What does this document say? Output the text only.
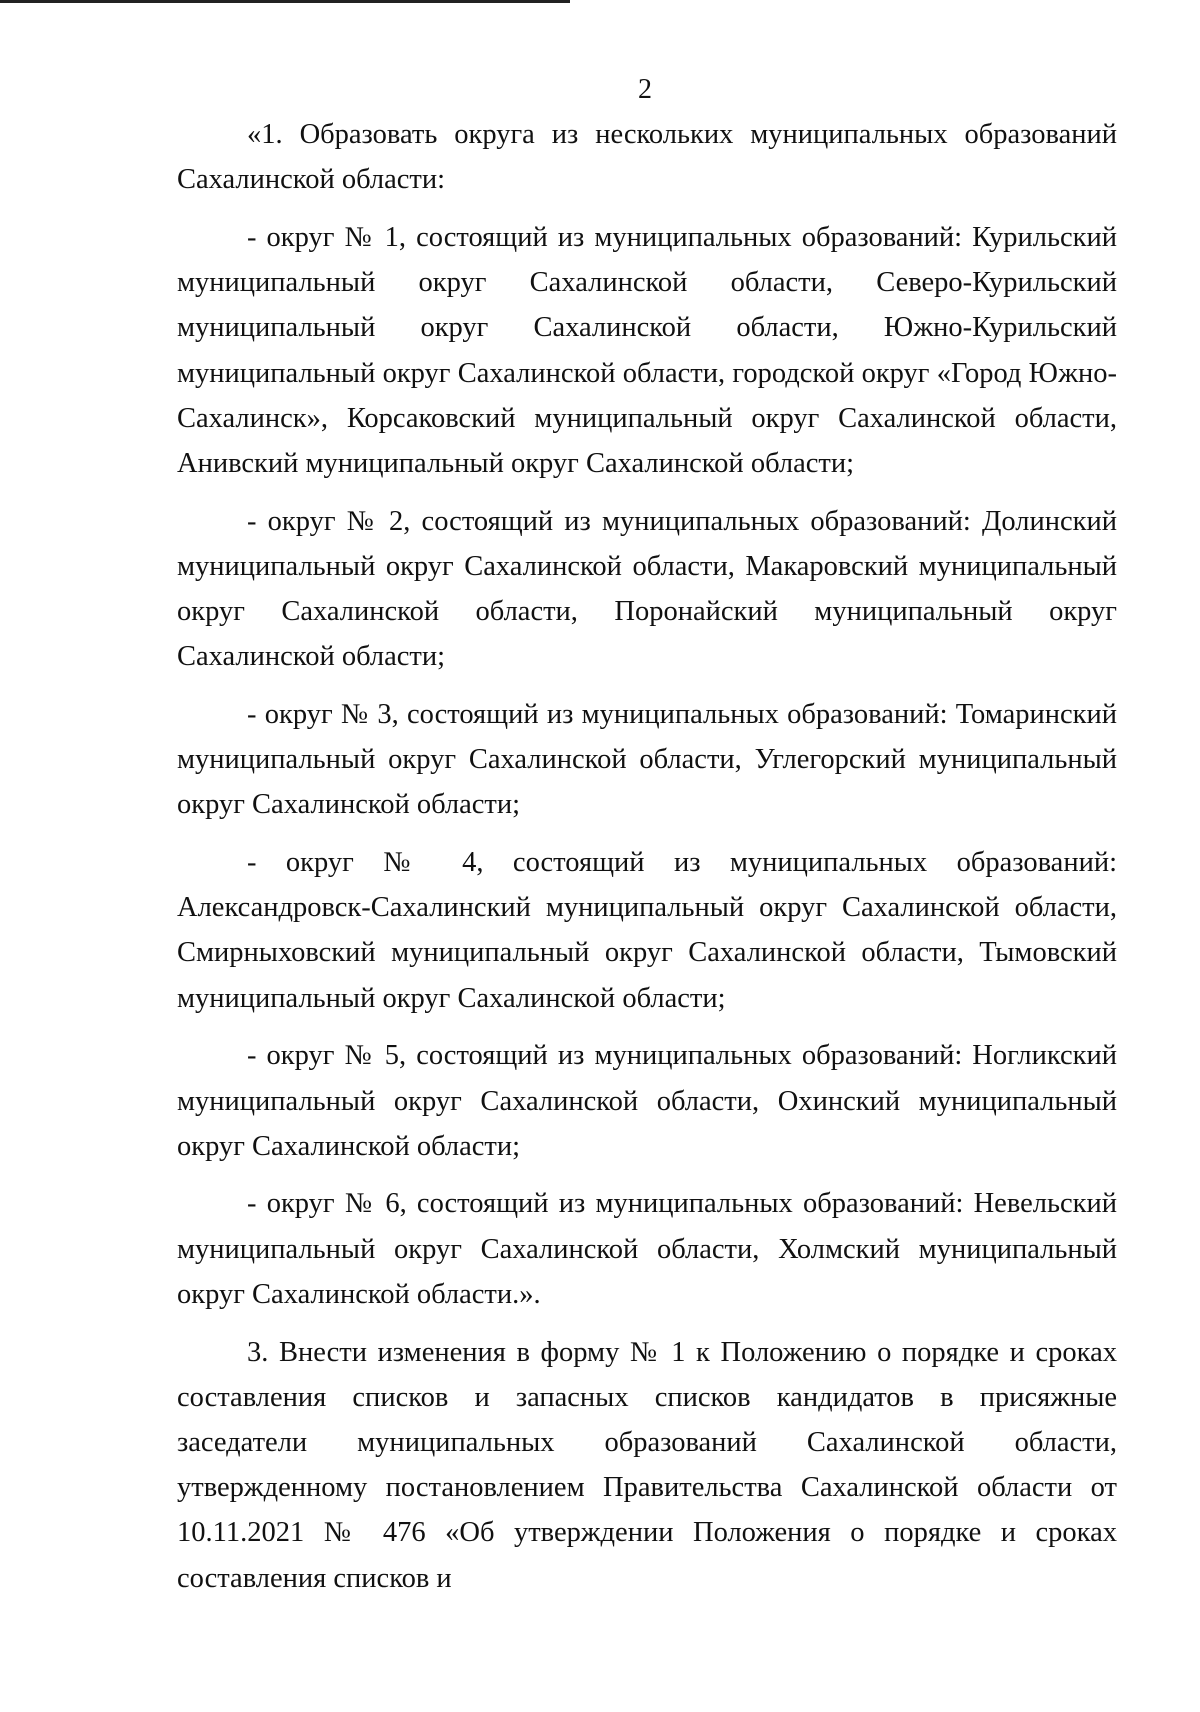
2

«1. Образовать округа из нескольких муниципальных образований Сахалинской области:

- округ № 1, состоящий из муниципальных образований: Курильский муниципальный округ Сахалинской области, Северо-Курильский муниципальный округ Сахалинской области, Южно-Курильский муниципальный округ Сахалинской области, городской округ «Город Южно-Сахалинск», Корсаковский муниципальный округ Сахалинской области, Анивский муниципальный округ Сахалинской области;

- округ № 2, состоящий из муниципальных образований: Долинский муниципальный округ Сахалинской области, Макаровский муниципальный округ Сахалинской области, Поронайский муниципальный округ Сахалинской области;

- округ № 3, состоящий из муниципальных образований: Томаринский муниципальный округ Сахалинской области, Углегорский муниципальный округ Сахалинской области;

- округ № 4, состоящий из муниципальных образований: Александровск-Сахалинский муниципальный округ Сахалинской области, Смирныховский муниципальный округ Сахалинской области, Тымовский муниципальный округ Сахалинской области;

- округ № 5, состоящий из муниципальных образований: Ногликский муниципальный округ Сахалинской области, Охинский муниципальный округ Сахалинской области;

- округ № 6, состоящий из муниципальных образований: Невельский муниципальный округ Сахалинской области, Холмский муниципальный округ Сахалинской области.».

3. Внести изменения в форму № 1 к Положению о порядке и сроках составления списков и запасных списков кандидатов в присяжные заседатели муниципальных образований Сахалинской области, утвержденному постановлением Правительства Сахалинской области от 10.11.2021 № 476 «Об утверждении Положения о порядке и сроках составления списков и
